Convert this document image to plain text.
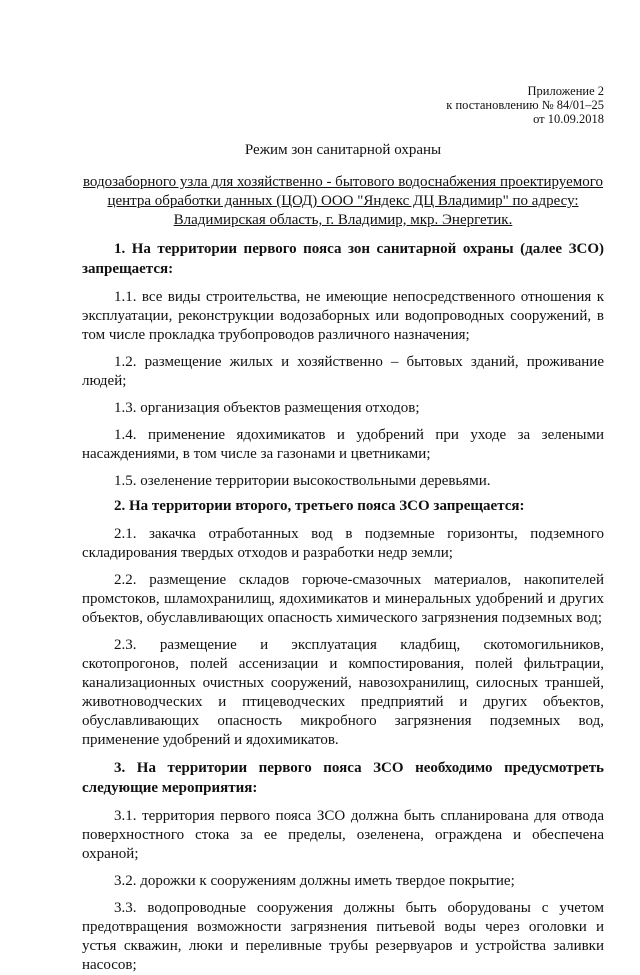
Приложение 2
к постановлению № 84/01–25
от 10.09.2018
Режим зон санитарной охраны
водозаборного узла для хозяйственно - бытового водоснабжения проектируемого центра обработки данных (ЦОД) ООО "Яндекс ДЦ Владимир" по адресу: Владимирская область, г. Владимир, мкр. Энергетик.
1. На территории первого пояса зон санитарной охраны (далее ЗСО) запрещается:
1.1. все виды строительства, не имеющие непосредственного отношения к эксплуатации, реконструкции водозаборных или водопроводных сооружений, в том числе прокладка трубопроводов различного назначения;
1.2. размещение жилых и хозяйственно – бытовых зданий, проживание людей;
1.3. организация объектов размещения отходов;
1.4. применение ядохимикатов и удобрений при уходе за зелеными насаждениями, в том числе за газонами и цветниками;
1.5. озеленение территории высокоствольными деревьями.
2. На территории второго, третьего пояса ЗСО запрещается:
2.1. закачка отработанных вод в подземные горизонты, подземного складирования твердых отходов и разработки недр земли;
2.2. размещение складов горюче-смазочных материалов, накопителей промстоков, шламохранилищ, ядохимикатов и минеральных удобрений и других объектов, обуславливающих опасность химического загрязнения подземных вод;
2.3. размещение и эксплуатация кладбищ, скотомогильников, скотопрогонов, полей ассенизации и компостирования, полей фильтрации, канализационных очистных сооружений, навозохранилищ, силосных траншей, животноводческих и птицеводческих предприятий и других объектов, обуславливающих опасность микробного загрязнения подземных вод, применение удобрений и ядохимикатов.
3. На территории первого пояса ЗСО необходимо предусмотреть следующие мероприятия:
3.1. территория первого пояса ЗСО должна быть спланирована для отвода поверхностного стока за ее пределы, озеленена, ограждена и обеспечена охраной;
3.2. дорожки к сооружениям должны иметь твердое покрытие;
3.3. водопроводные сооружения должны быть оборудованы с учетом предотвращения возможности загрязнения питьевой воды через оголовки и устья скважин, люки и переливные трубы резервуаров и устройства заливки насосов;
